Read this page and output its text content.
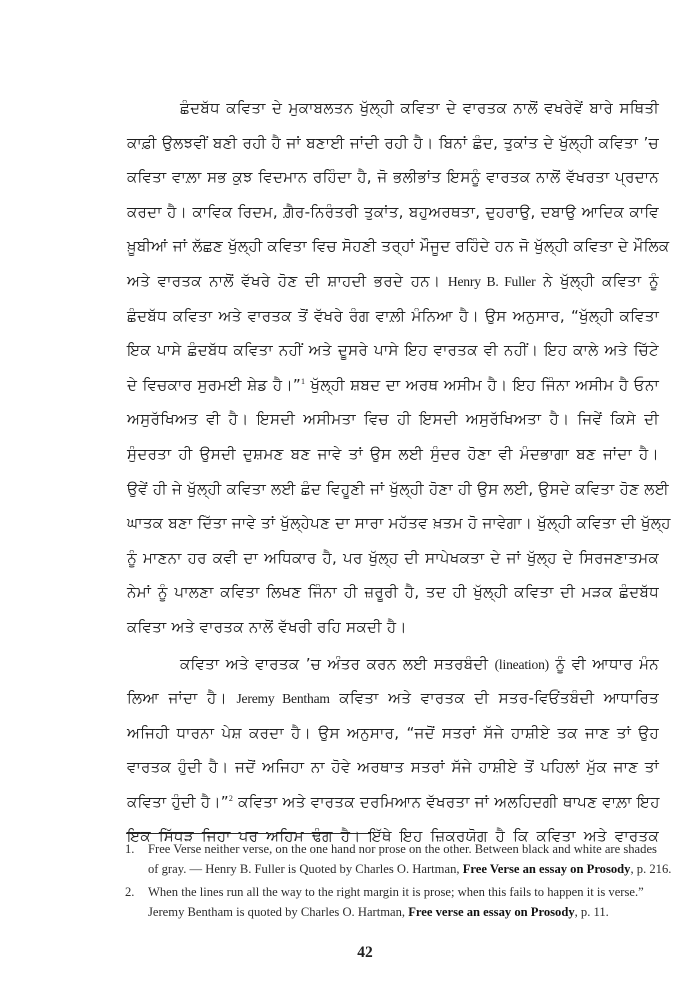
ਛੰਦਬੱਧ ਕਵਿਤਾ ਦੇ ਮੁਕਾਬਲਤਨ ਖੁੱਲ੍ਹੀ ਕਵਿਤਾ ਦੇ ਵਾਰਤਕ ਨਾਲੋਂ ਵਖਰੇਵੇਂ ਬਾਰੇ ਸਥਿਤੀ
ਕਾਫ਼ੀ ਉਲਝਵੀਂ ਬਣੀ ਰਹੀ ਹੈ ਜਾਂ ਬਣਾਈ ਜਾਂਦੀ ਰਹੀ ਹੈ। ਬਿਨਾਂ ਛੰਦ, ਤੁਕਾਂਤ ਦੇ ਖੁੱਲ੍ਹੀ ਕਵਿਤਾ ’ਚ
ਕਵਿਤਾ ਵਾਲ਼ਾ ਸਭ ਕੁਝ ਵਿਦਮਾਨ ਰਹਿੰਦਾ ਹੈ, ਜੋ ਭਲੀਭਾਂਤ ਇਸਨੂੰ ਵਾਰਤਕ ਨਾਲੋਂ ਵੱਖਰਤਾ ਪ੍ਰਦਾਨ
ਕਰਦਾ ਹੈ। ਕਾਵਿਕ ਰਿਦਮ, ਗ਼ੈਰ-ਨਿਰੰਤਰੀ ਤੁਕਾਂਤ, ਬਹੁਅਰਥਤਾ, ਦੁਹਰਾਉ, ਦਬਾਉ ਆਦਿਕ ਕਾਵਿ
ਖ਼ੂਬੀਆਂ ਜਾਂ ਲੱਛਣ ਖੁੱਲ੍ਹੀ ਕਵਿਤਾ ਵਿਚ ਸੋਹਣੀ ਤਰ੍ਹਾਂ ਮੌਜੂਦ ਰਹਿੰਦੇ ਹਨ ਜੋ ਖੁੱਲ੍ਹੀ ਕਵਿਤਾ ਦੇ ਮੌਲਿਕ
ਅਤੇ ਵਾਰਤਕ ਨਾਲੋਂ ਵੱਖਰੇ ਹੋਣ ਦੀ ਸ਼ਾਹਦੀ ਭਰਦੇ ਹਨ। Henry B. Fuller ਨੇ ਖੁੱਲ੍ਹੀ ਕਵਿਤਾ ਨੂੰ
ਛੰਦਬੱਧ ਕਵਿਤਾ ਅਤੇ ਵਾਰਤਕ ਤੋਂ ਵੱਖਰੇ ਰੰਗ ਵਾਲ਼ੀ ਮੰਨਿਆ ਹੈ। ਉਸ ਅਨੁਸਾਰ, “ਖੁੱਲ੍ਹੀ ਕਵਿਤਾ
ਇਕ ਪਾਸੇ ਛੰਦਬੱਧ ਕਵਿਤਾ ਨਹੀਂ ਅਤੇ ਦੂਸਰੇ ਪਾਸੇ ਇਹ ਵਾਰਤਕ ਵੀ ਨਹੀਂ। ਇਹ ਕਾਲੇ ਅਤੇ ਚਿੱਟੇ
ਦੇ ਵਿਚਕਾਰ ਸੁਰਮਈ ਸ਼ੇਡ ਹੈ।”$^1$ ਖੁੱਲ੍ਹੀ ਸ਼ਬਦ ਦਾ ਅਰਥ ਅਸੀਮ ਹੈ। ਇਹ ਜਿੰਨਾ ਅਸੀਮ ਹੈ ਓਨਾ
ਅਸੁਰੱਖਿਅਤ ਵੀ ਹੈ। ਇਸਦੀ ਅਸੀਮਤਾ ਵਿਚ ਹੀ ਇਸਦੀ ਅਸੁਰੱਖਿਅਤਾ ਹੈ। ਜਿਵੇਂ ਕਿਸੇ ਦੀ
ਸੁੰਦਰਤਾ ਹੀ ਉਸਦੀ ਦੁਸ਼ਮਣ ਬਣ ਜਾਵੇ ਤਾਂ ਉਸ ਲਈ ਸੁੰਦਰ ਹੋਣਾ ਵੀ ਮੰਦਭਾਗਾ ਬਣ ਜਾਂਦਾ ਹੈ।
ਉਵੇਂ ਹੀ ਜੇ ਖੁੱਲ੍ਹੀ ਕਵਿਤਾ ਲਈ ਛੰਦ ਵਿਹੂਣੀ ਜਾਂ ਖੁੱਲ੍ਹੀ ਹੋਣਾ ਹੀ ਉਸ ਲਈ, ਉਸਦੇ ਕਵਿਤਾ ਹੋਣ ਲਈ
ਘਾਤਕ ਬਣਾ ਦਿੱਤਾ ਜਾਵੇ ਤਾਂ ਖੁੱਲ੍ਹੇਪਣ ਦਾ ਸਾਰਾ ਮਹੱਤਵ ਖ਼ਤਮ ਹੋ ਜਾਵੇਗਾ। ਖੁੱਲ੍ਹੀ ਕਵਿਤਾ ਦੀ ਖੁੱਲ੍ਹ
ਨੂੰ ਮਾਣਨਾ ਹਰ ਕਵੀ ਦਾ ਅਧਿਕਾਰ ਹੈ, ਪਰ ਖੁੱਲ੍ਹ ਦੀ ਸਾਪੇਖਕਤਾ ਦੇ ਜਾਂ ਖੁੱਲ੍ਹ ਦੇ ਸਿਰਜਣਾਤਮਕ
ਨੇਮਾਂ ਨੂੰ ਪਾਲਣਾ ਕਵਿਤਾ ਲਿਖਣ ਜਿੰਨਾ ਹੀ ਜ਼ਰੂਰੀ ਹੈ, ਤਦ ਹੀ ਖੁੱਲ੍ਹੀ ਕਵਿਤਾ ਦੀ ਮੜਕ ਛੰਦਬੱਧ
ਕਵਿਤਾ ਅਤੇ ਵਾਰਤਕ ਨਾਲੋਂ ਵੱਖਰੀ ਰਹਿ ਸਕਦੀ ਹੈ।
ਕਵਿਤਾ ਅਤੇ ਵਾਰਤਕ ’ਚ ਅੰਤਰ ਕਰਨ ਲਈ ਸਤਰਬੰਦੀ (lineation) ਨੂੰ ਵੀ ਆਧਾਰ ਮੰਨ
ਲਿਆ ਜਾਂਦਾ ਹੈ। Jeremy Bentham ਕਵਿਤਾ ਅਤੇ ਵਾਰਤਕ ਦੀ ਸਤਰ-ਵਿਓਂਤਬੰਦੀ ਆਧਾਰਿਤ
ਅਜਿਹੀ ਧਾਰਨਾ ਪੇਸ਼ ਕਰਦਾ ਹੈ। ਉਸ ਅਨੁਸਾਰ, “ਜਦੋਂ ਸਤਰਾਂ ਸੱਜੇ ਹਾਸ਼ੀਏ ਤਕ ਜਾਣ ਤਾਂ ਉਹ
ਵਾਰਤਕ ਹੁੰਦੀ ਹੈ। ਜਦੋਂ ਅਜਿਹਾ ਨਾ ਹੋਵੇ ਅਰਥਾਤ ਸਤਰਾਂ ਸੱਜੇ ਹਾਸ਼ੀਏ ਤੋਂ ਪਹਿਲਾਂ ਮੁੱਕ ਜਾਣ ਤਾਂ
ਕਵਿਤਾ ਹੁੰਦੀ ਹੈ।”$^2$ ਕਵਿਤਾ ਅਤੇ ਵਾਰਤਕ ਦਰਮਿਆਨ ਵੱਖਰਤਾ ਜਾਂ ਅਲਹਿਦਗੀ ਥਾਪਣ ਵਾਲ਼ਾ ਇਹ
ਇਕ ਸਿੱਧੜ ਜਿਹਾ ਪਰ ਅਹਿਮ ਢੰਗ ਹੈ। ਇੱਥੇ ਇਹ ਜ਼ਿਕਰਯੋਗ ਹੈ ਕਿ ਕਵਿਤਾ ਅਤੇ ਵਾਰਤਕ
1.	Free Verse neither verse, on the one hand nor prose on the other. Between black and white are shades
of gray. — Henry B. Fuller is Quoted by Charles O. Hartman, Free Verse an essay on Prosody, p. 216.
2.	When the lines run all the way to the right margin it is prose; when this fails to happen it is verse.”
Jeremy Bentham is quoted by Charles O. Hartman, Free verse an essay on Prosody, p. 11.
42
